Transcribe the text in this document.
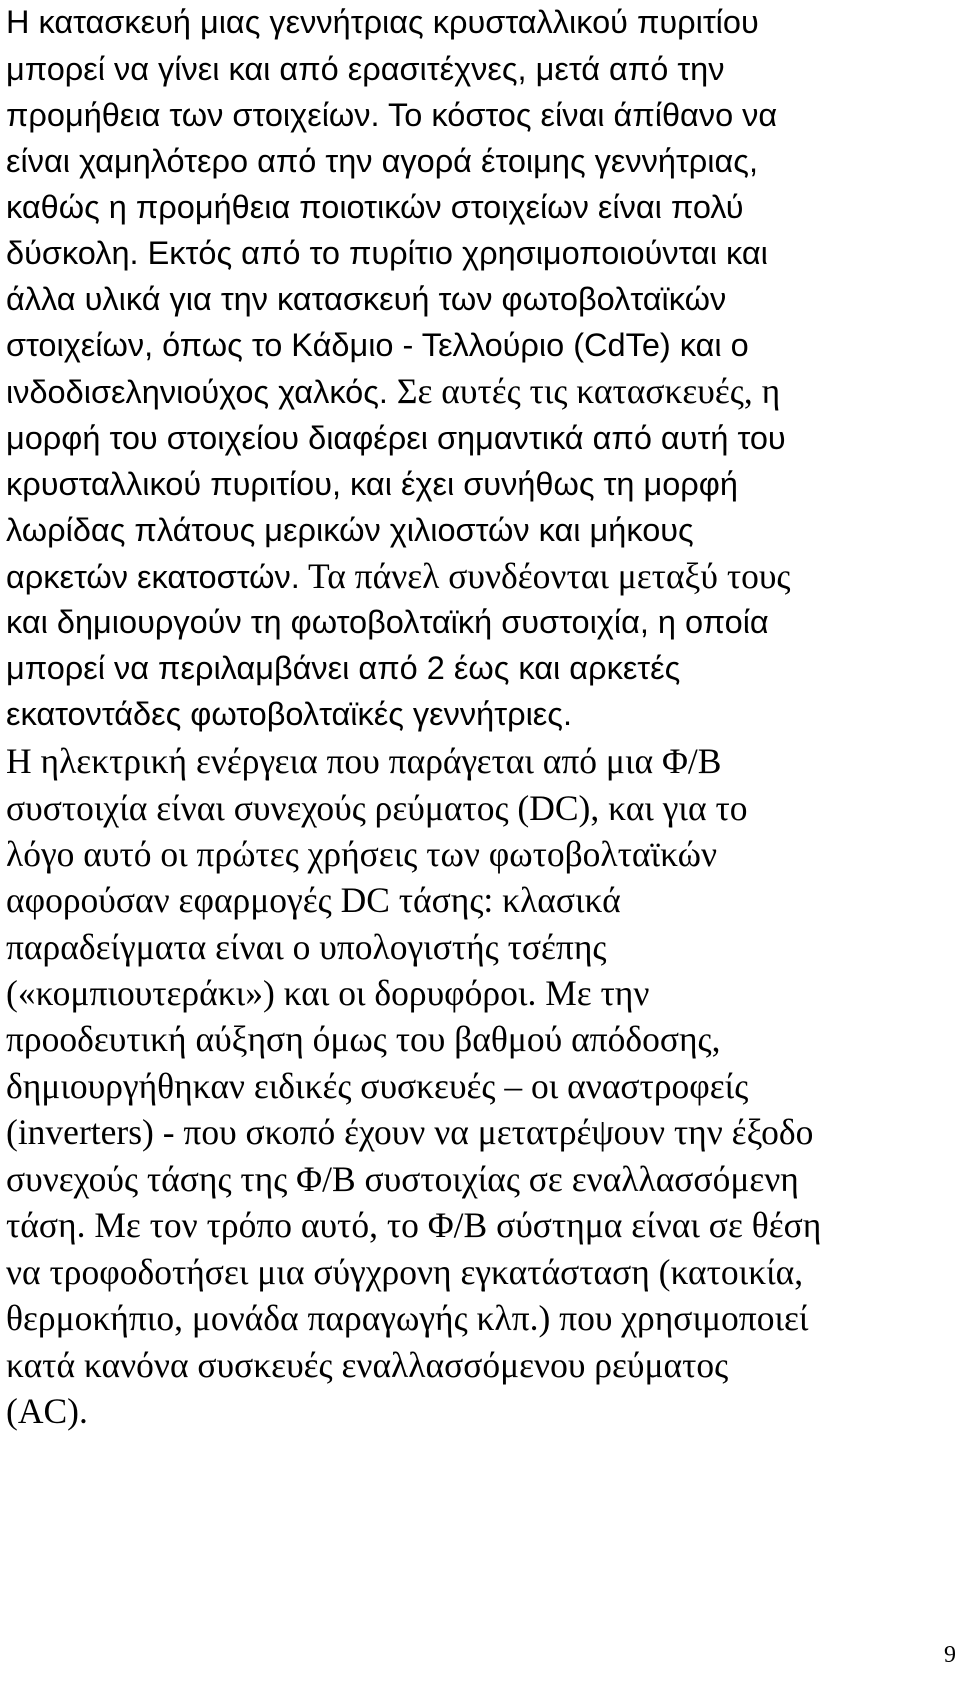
Η κατασκευή μιας γεννήτριας κρυσταλλικού πυριτίου
μπορεί να γίνει και από ερασιτέχνες, μετά από την
προμήθεια των στοιχείων. Το κόστος είναι άπίθανο να
είναι χαμηλότερο από την αγορά έτοιμης γεννήτριας,
καθώς η προμήθεια ποιοτικών στοιχείων είναι πολύ
δύσκολη. Εκτός από το πυρίτιο χρησιμοποιούνται και
άλλα υλικά για την κατασκευή των φωτοβολταϊκών
στοιχείων, όπως το Κάδμιο - Τελλούριο (CdTe) και ο
ινδοδισεληνιούχος χαλκός. Σε αυτές τις κατασκευές, η
μορφή του στοιχείου διαφέρει σημαντικά από αυτή του
κρυσταλλικού πυριτίου, και έχει συνήθως τη μορφή
λωρίδας πλάτους μερικών χιλιοστών και μήκους
αρκετών εκατοστών. Τα πάνελ συνδέονται μεταξύ τους
και δημιουργούν τη φωτοβολταϊκή συστοιχία, η οποία
μπορεί να περιλαμβάνει από 2 έως και αρκετές
εκατοντάδες φωτοβολταϊκές γεννήτριες.
Η ηλεκτρική ενέργεια που παράγεται από μια Φ/Β
συστοιχία είναι συνεχούς ρεύματος (DC), και για το
λόγο αυτό οι πρώτες χρήσεις των φωτοβολταϊκών
αφορούσαν εφαρμογές DC τάσης: κλασικά
παραδείγματα είναι ο υπολογιστής τσέπης
(«κομπιουτεράκι») και οι δορυφόροι. Με την
προοδευτική αύξηση όμως του βαθμού απόδοσης,
δημιουργήθηκαν ειδικές συσκευές – οι αναστροφείς
(inverters) - που σκοπό έχουν να μετατρέψουν την έξοδο
συνεχούς τάσης της Φ/Β συστοιχίας σε εναλλασσόμενη
τάση. Με τον τρόπο αυτό, το Φ/Β σύστημα είναι σε θέση
να τροφοδοτήσει μια σύγχρονη εγκατάσταση (κατοικία,
θερμοκήπιο, μονάδα παραγωγής κλπ.) που χρησιμοποιεί
κατά κανόνα συσκευές εναλλασσόμενου ρεύματος
(AC).
9
